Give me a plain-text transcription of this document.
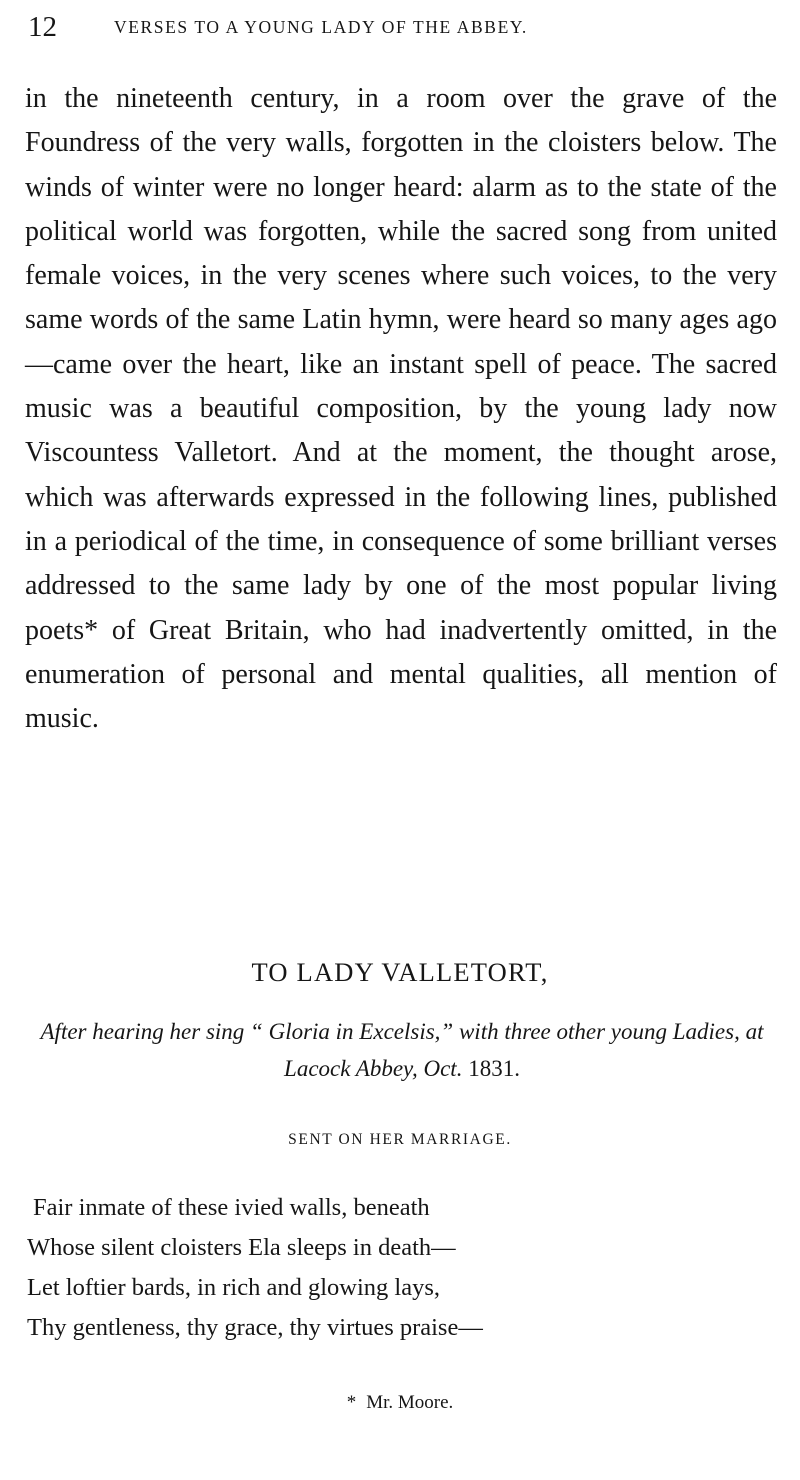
12	VERSES TO A YOUNG LADY OF THE ABBEY.

in the nineteenth century, in a room over the grave of the Foundress of the very walls, forgotten in the cloisters below. The winds of winter were no longer heard: alarm as to the state of the political world was forgotten, while the sacred song from united female voices, in the very scenes where such voices, to the very same words of the same Latin hymn, were heard so many ages ago—came over the heart, like an instant spell of peace. The sacred music was a beautiful composition, by the young lady now Viscountess Valletort. And at the moment, the thought arose, which was afterwards expressed in the following lines, published in a periodical of the time, in consequence of some brilliant verses addressed to the same lady by one of the most popular living poets* of Great Britain, who had inadvertently omitted, in the enumeration of personal and mental qualities, all mention of music.

TO LADY VALLETORT,

After hearing her sing “ Gloria in Excelsis,” with three other young Ladies, at Lacock Abbey, Oct. 1831.

SENT ON HER MARRIAGE.

Fair inmate of these ivied walls, beneath
Whose silent cloisters Ela sleeps in death—
Let loftier bards, in rich and glowing lays,
Thy gentleness, thy grace, thy virtues praise—

* Mr. Moore.
